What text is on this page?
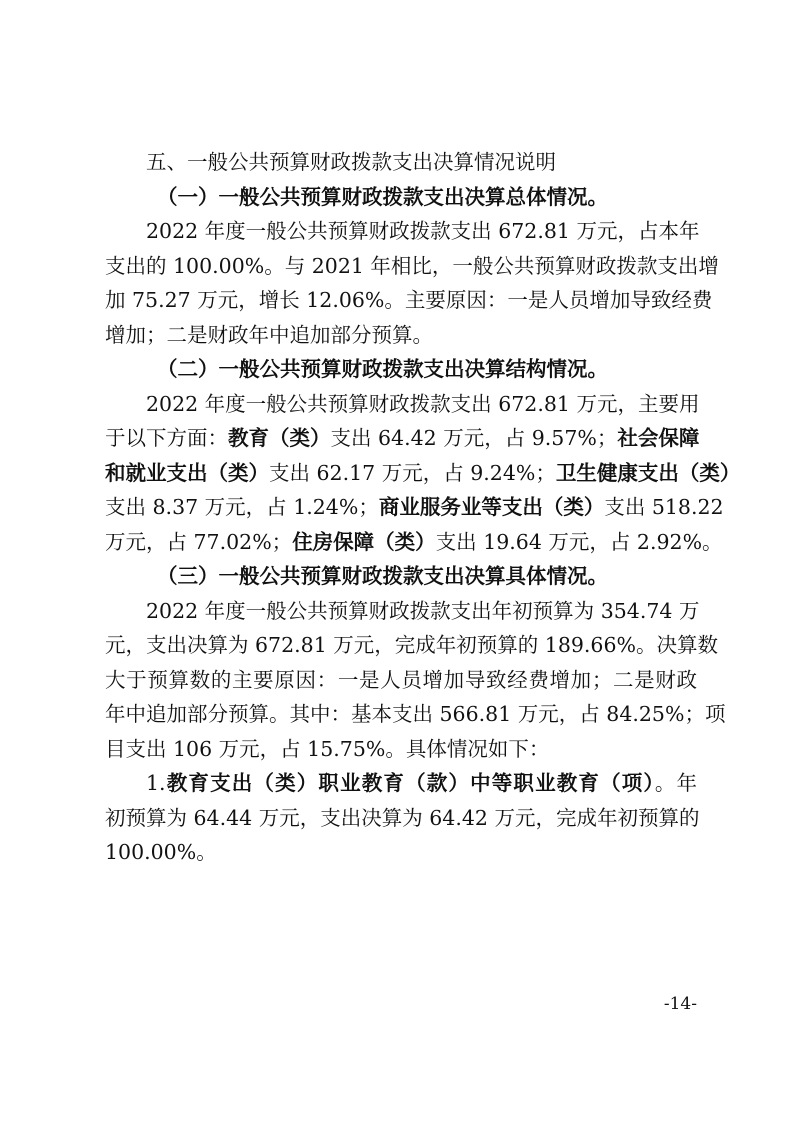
五、一般公共预算财政拨款支出决算情况说明
（一）一般公共预算财政拨款支出决算总体情况。
2022 年度一般公共预算财政拨款支出 672.81 万元，占本年
支出的 100.00%。与 2021 年相比，一般公共预算财政拨款支出增
加 75.27 万元，增长 12.06%。主要原因：一是人员增加导致经费
增加；二是财政年中追加部分预算。
（二）一般公共预算财政拨款支出决算结构情况。
2022 年度一般公共预算财政拨款支出 672.81 万元，主要用
于以下方面：教育（类）支出 64.42 万元，占 9.57%；社会保障
和就业支出（类）支出 62.17 万元，占 9.24%；卫生健康支出（类）
支出 8.37 万元，占 1.24%；商业服务业等支出（类）支出 518.22
万元，占 77.02%；住房保障（类）支出 19.64 万元，占 2.92%。
（三）一般公共预算财政拨款支出决算具体情况。
2022 年度一般公共预算财政拨款支出年初预算为 354.74 万
元，支出决算为 672.81 万元，完成年初预算的 189.66%。决算数
大于预算数的主要原因：一是人员增加导致经费增加；二是财政
年中追加部分预算。其中：基本支出 566.81 万元，占 84.25%；项
目支出 106 万元，占 15.75%。具体情况如下：
1.教育支出（类）职业教育（款）中等职业教育（项）。年
初预算为 64.44 万元，支出决算为 64.42 万元，完成年初预算的
100.00%。
-14-
